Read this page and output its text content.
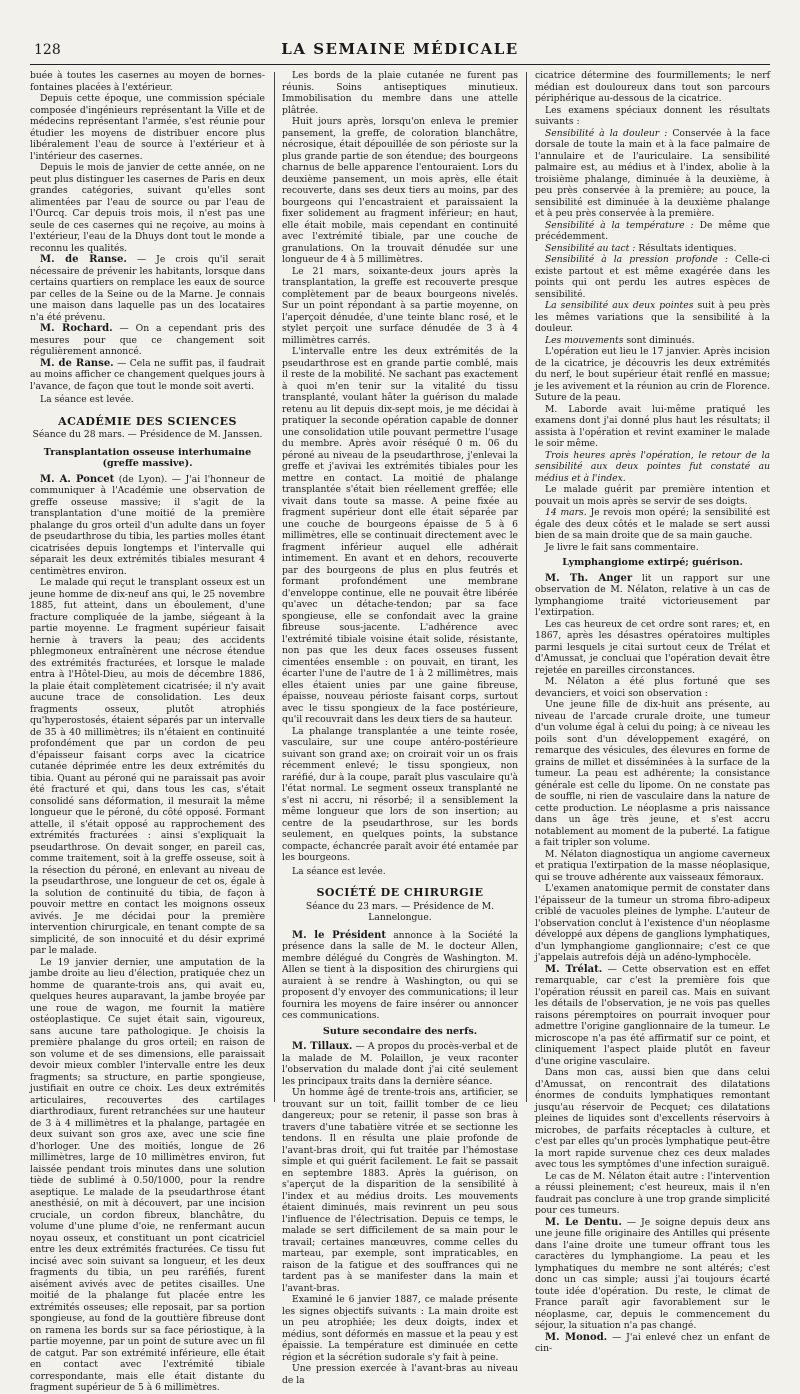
128	LA SEMAINE MÉDICALE

buée à toutes les casernes au moyen de bornes-fontaines placées à l'extérieur.

Depuis cette époque, une commission spéciale composée d'ingénieurs représentant la Ville et de médecins représentant l'armée, s'est réunie pour étudier les moyens de distribuer encore plus libéralement l'eau de source à l'extérieur et à l'intérieur des casernes.

Depuis le mois de janvier de cette année, on ne peut plus distinguer les casernes de Paris en deux grandes catégories, suivant qu'elles sont alimentées par l'eau de source ou par l'eau de l'Ourcq. Car depuis trois mois, il n'est pas une seule de ces casernes qui ne reçoive, au moins à l'extérieur, l'eau de la Dhuys dont tout le monde a reconnu les qualités.

M. de Ranse. — Je crois qu'il serait nécessaire de prévenir les habitants, lorsque dans certains quartiers on remplace les eaux de source par celles de la Seine ou de la Marne. Je connais une maison dans laquelle pas un des locataires n'a été prévenu.

M. Rochard. — On a cependant pris des mesures pour que ce changement soit régulièrement annoncé.

M. de Ranse. — Cela ne suffit pas, il faudrait au moins afficher ce changement quelques jours à l'avance, de façon que tout le monde soit averti.

La séance est levée.

ACADÉMIE DES SCIENCES
Séance du 28 mars. — Présidence de M. Janssen.
Transplantation osseuse interhumaine (greffe massive).

M. A. Poncet (de Lyon). — J'ai l'honneur de communiquer à l'Académie une observation de greffe osseuse massive; il s'agit de la transplantation d'une moitié de la première phalange du gros orteil d'un adulte dans un foyer de pseudarthrose du tibia, les parties molles étant cicatrisées depuis longtemps et l'intervalle qui séparait les deux extrémités tibiales mesurant 4 centimètres environ.

Le malade qui reçut le transplant osseux est un jeune homme de dix-neuf ans qui, le 25 novembre 1885, fut atteint, dans un éboulement, d'une fracture compliquée de la jambe, siégeant à la partie moyenne. Le fragment supérieur faisait hernie à travers la peau; des accidents phlegmoneux entraînèrent une nécrose étendue des extrémités fracturées, et lorsque le malade entra à l'Hôtel-Dieu, au mois de décembre 1886, la plaie était complètement cicatrisée; il n'y avait aucune trace de consolidation. Les deux fragments osseux, plutôt atrophiés qu'hyperostosés, étaient séparés par un intervalle de 35 à 40 millimètres; ils n'étaient en continuité profondément que par un cordon de peu d'épaisseur faisant corps avec la cicatrice cutanée déprimée entre les deux extrémités du tibia. Quant au péroné qui ne paraissait pas avoir été fracturé et qui, dans tous les cas, s'était consolidé sans déformation, il mesurait la même longueur que le péroné, du côté opposé. Formant attelle, il s'était opposé au rapprochement des extrémités fracturées : ainsi s'expliquait la pseudarthrose. On devait songer, en pareil cas, comme traitement, soit à la greffe osseuse, soit à la résection du péroné, en enlevant au niveau de la pseudarthrose, une longueur de cet os, égale à la solution de continuité du tibia, de façon à pouvoir mettre en contact les moignons osseux avivés. Je me décidai pour la première intervention chirurgicale, en tenant compte de sa simplicité, de son innocuité et du désir exprimé par le malade.

Le 19 janvier dernier, une amputation de la jambe droite au lieu d'élection, pratiquée chez un homme de quarante-trois ans, qui avait eu, quelques heures auparavant, la jambe broyée par une roue de wagon, me fournit la matière ostéoplastique. Ce sujet était sain, vigoureux, sans aucune tare pathologique. Je choisis la première phalange du gros orteil; en raison de son volume et de ses dimensions, elle paraissait devoir mieux combler l'intervalle entre les deux fragments; sa structure, en partie spongieuse, justifiait en outre ce choix. Les deux extrémités articulaires, recouvertes des cartilages diarthrodiaux, furent retranchées sur une hauteur de 3 à 4 millimètres et la phalange, partagée en deux suivant son gros axe, avec une scie fine d'horloger. Une des moitiés, longue de 26 millimètres, large de 10 millimètres environ, fut laissée pendant trois minutes dans une solution tiède de sublimé à 0.50/1000, pour la rendre aseptique. Le malade de la pseudarthrose étant anesthésié, on mit à découvert, par une incision cruciale, un cordon fibreux, blanchâtre, du volume d'une plume d'oie, ne renfermant aucun noyau osseux, et constituant un pont cicatriciel entre les deux extrémités fracturées. Ce tissu fut incisé avec soin suivant sa longueur, et les deux fragments du tibia, un peu raréfiés, furent aisément avivés avec de petites cisailles. Une moitié de la phalange fut placée entre les extrémités osseuses; elle reposait, par sa portion spongieuse, au fond de la gouttière fibreuse dont on ramena les bords sur sa face périostique, à la partie moyenne, par un point de suture avec un fil de catgut. Par son extrémité inférieure, elle était en contact avec l'extrémité tibiale correspondante, mais elle était distante du fragment supérieur de 5 à 6 millimètres.

Les bords de la plaie cutanée ne furent pas réunis. Soins antiseptiques minutieux. Immobilisation du membre dans une attelle plâtrée.

Huit jours après, lorsqu'on enleva le premier pansement, la greffe, de coloration blanchâtre, nécrosique, était dépouillée de son périoste sur la plus grande partie de son étendue; des bourgeons charnus de belle apparence l'entouraient. Lors du deuxième pansement, un mois après, elle était recouverte, dans ses deux tiers au moins, par des bourgeons qui l'encastraient et paraissaient la fixer solidement au fragment inférieur; en haut, elle était mobile, mais cependant en continuité avec l'extrémité tibiale, par une couche de granulations. On la trouvait dénudée sur une longueur de 4 à 5 millimètres.

Le 21 mars, soixante-deux jours après la transplantation, la greffe est recouverte presque complètement par de beaux bourgeons nivelés. Sur un point répondant à sa partie moyenne, on l'aperçoit dénudée, d'une teinte blanc rosé, et le stylet perçoit une surface dénudée de 3 à 4 millimètres carrés.

L'intervalle entre les deux extrémités de la pseudarthrose est en grande partie comblé, mais il reste de la mobilité. Ne sachant pas exactement à quoi m'en tenir sur la vitalité du tissu transplanté, voulant hâter la guérison du malade retenu au lit depuis dix-sept mois, je me décidai à pratiquer la seconde opération capable de donner une consolidation utile pouvant permettre l'usage du membre. Après avoir réséqué 0 m. 06 du péroné au niveau de la pseudarthrose, j'enlevai la greffe et j'avivai les extrémités tibiales pour les mettre en contact. La moitié de phalange transplantée s'était bien réellement greffée; elle vivait dans toute sa masse. A peine fixée au fragment supérieur dont elle était séparée par une couche de bourgeons épaisse de 5 à 6 millimètres, elle se continuait directement avec le fragment inférieur auquel elle adhérait intimement. En avant et en dehors, recouverte par des bourgeons de plus en plus feutrés et formant profondément une membrane d'enveloppe continue, elle ne pouvait être libérée qu'avec un détache-tendon; par sa face spongieuse, elle se confondait avec la graine fibreuse sous-jacente. L'adhérence avec l'extrémité tibiale voisine était solide, résistante, non pas que les deux faces osseuses fussent cimentées ensemble : on pouvait, en tirant, les écarter l'une de l'autre de 1 à 2 millimètres, mais elles étaient unies par une gaine fibreuse, épaisse, nouveau périoste faisant corps, surtout avec le tissu spongieux de la face postérieure, qu'il recouvrait dans les deux tiers de sa hauteur.

La phalange transplantée a une teinte rosée, vasculaire, sur une coupe antéro-postérieure suivant son grand axe; on croirait voir un os frais récemment enlevé; le tissu spongieux, non raréfié, dur à la coupe, paraît plus vasculaire qu'à l'état normal. Le segment osseux transplanté ne s'est ni accru, ni résorbé; il a sensiblement la même longueur que lors de son insertion; au centre de la pseudarthrose, sur les bords seulement, en quelques points, la substance compacte, échancrée paraît avoir été entamée par les bourgeons.

La séance est levée.

SOCIÉTÉ DE CHIRURGIE
Séance du 23 mars. — Présidence de M. Lannelongue.

M. le Président annonce à la Société la présence dans la salle de M. le docteur Allen, membre délégué du Congrès de Washington. M. Allen se tient à la disposition des chirurgiens qui auraient à se rendre à Washington, ou qui se proposent d'y envoyer des communications; il leur fournira les moyens de faire insérer ou annoncer ces communications.

Suture secondaire des nerfs.

M. Tillaux. — A propos du procès-verbal et de la malade de M. Polaillon, je veux raconter l'observation du malade dont j'ai cité seulement les principaux traits dans la dernière séance.

Un homme âgé de trente-trois ans, artificier, se trouvant sur un toit, faillit tomber de ce lieu dangereux; pour se retenir, il passe son bras à travers d'une tabatière vitrée et se sectionne les tendons. Il en résulta une plaie profonde de l'avant-bras droit, qui fut traitée par l'hémostase simple et qui guérit facilement. Le fait se passait en septembre 1883. Après la guérison, on s'aperçut de la disparition de la sensibilité à l'index et au médius droits. Les mouvements étaient diminués, mais revinrent un peu sous l'influence de l'électrisation. Depuis ce temps, le malade se sert difficilement de sa main pour le travail; certaines manœuvres, comme celles du marteau, par exemple, sont impraticables, en raison de la fatigue et des souffrances qui ne tardent pas à se manifester dans la main et l'avant-bras.

Examiné le 6 janvier 1887, ce malade présente les signes objectifs suivants : La main droite est un peu atrophiée; les deux doigts, index et médius, sont déformés en massue et la peau y est épaissie. La température est diminuée en cette région et la sécrétion sudorale s'y fait à peine.

Une pression exercée à l'avant-bras au niveau de la

cicatrice détermine des fourmillements; le nerf médian est douloureux dans tout son parcours périphérique au-dessous de la cicatrice.

Les examens spéciaux donnent les résultats suivants :

Sensibilité à la douleur : Conservée à la face dorsale de toute la main et à la face palmaire de l'annulaire et de l'auriculaire. La sensibilité palmaire est, au médius et à l'index, abolie à la troisième phalange, diminuée à la deuxième, à peu près conservée à la première; au pouce, la sensibilité est diminuée à la deuxième phalange et à peu près conservée à la première.

Sensibilité à la température : De même que précédemment.

Sensibilité au tact : Résultats identiques.

Sensibilité à la pression profonde : Celle-ci existe partout et est même exagérée dans les points qui ont perdu les autres espèces de sensibilité.

La sensibilité aux deux pointes suit à peu près les mêmes variations que la sensibilité à la douleur.

Les mouvements sont diminués.

L'opération eut lieu le 17 janvier. Après incision de la cicatrice, je découvris les deux extrémités du nerf, le bout supérieur était renflé en massue; je les avivement et la réunion au crin de Florence. Suture de la peau.

M. Laborde avait lui-même pratiqué les examens dont j'ai donné plus haut les résultats; il assista à l'opération et revint examiner le malade le soir même.

Trois heures après l'opération, le retour de la sensibilité aux deux pointes fut constaté au médius et à l'index.

Le malade guérit par première intention et pouvait un mois après se servir de ses doigts.

14 mars. Je revois mon opéré; la sensibilité est égale des deux côtés et le malade se sert aussi bien de sa main droite que de sa main gauche.

Je livre le fait sans commentaire.

Lymphangiome extirpé; guérison.

M. Th. Anger lit un rapport sur une observation de M. Nélaton, relative à un cas de lymphangiome traité victorieusement par l'extirpation.

Les cas heureux de cet ordre sont rares; et, en 1867, après les désastres opératoires multiples parmi lesquels je citai surtout ceux de Trélat et d'Amussat, je concluai que l'opération devait être rejetée en pareilles circonstances.

M. Nélaton a été plus fortuné que ses devanciers, et voici son observation :

Une jeune fille de dix-huit ans présente, au niveau de l'arcade crurale droite, une tumeur d'un volume égal à celui du poing; à ce niveau les poils sont d'un développement exagéré, on remarque des vésicules, des élevures en forme de grains de millet et disséminées à la surface de la tumeur. La peau est adhérente; la consistance générale est celle du lipome. On ne constate pas de souffle, ni rien de vasculaire dans la nature de cette production. Le néoplasme a pris naissance dans un âge très jeune, et s'est accru notablement au moment de la puberté. La fatigue a fait tripler son volume.

M. Nélaton diagnostiqua un angiome caverneux et pratiqua l'extirpation de la masse néoplasique, qui se trouve adhérente aux vaisseaux fémoraux.

L'examen anatomique permit de constater dans l'épaisseur de la tumeur un stroma fibro-adipeux criblé de vacuoles pleines de lymphe. L'auteur de l'observation conclut à l'existence d'un néoplasme développé aux dépens de ganglions lymphatiques, d'un lymphangiome ganglionnaire; c'est ce que j'appelais autrefois déjà un adéno-lymphocèle.

M. Trélat. — Cette observation est en effet remarquable, car c'est la première fois que l'opération réussit en pareil cas. Mais en suivant les détails de l'observation, je ne vois pas quelles raisons péremptoires on pourrait invoquer pour admettre l'origine ganglionnaire de la tumeur. Le microscope n'a pas été affirmatif sur ce point, et cliniquement l'aspect plaide plutôt en faveur d'une origine vasculaire.

Dans mon cas, aussi bien que dans celui d'Amussat, on rencontrait des dilatations énormes de conduits lymphatiques remontant jusqu'au réservoir de Pecquet; ces dilatations pleines de liquides sont d'excellents réservoirs à microbes, de parfaits réceptacles à culture, et c'est par elles qu'un procès lymphatique peut-être la mort rapide survenue chez ces deux malades avec tous les symptômes d'une infection suraiguë.

Le cas de M. Nélaton était autre : l'intervention a réussi pleinement; c'est heureux, mais il n'en faudrait pas conclure à une trop grande simplicité pour ces tumeurs.

M. Le Dentu. — Je soigne depuis deux ans une jeune fille originaire des Antilles qui présente dans l'aine droite une tumeur offrant tous les caractères du lymphangiome. La peau et les lymphatiques du membre ne sont altérés; c'est donc un cas simple; aussi j'ai toujours écarté toute idée d'opération. Du reste, le climat de France paraît agir favorablement sur le néoplasme, car, depuis le commencement du séjour, la situation n'a pas changé.

M. Monod. — J'ai enlevé chez un enfant de cin-
